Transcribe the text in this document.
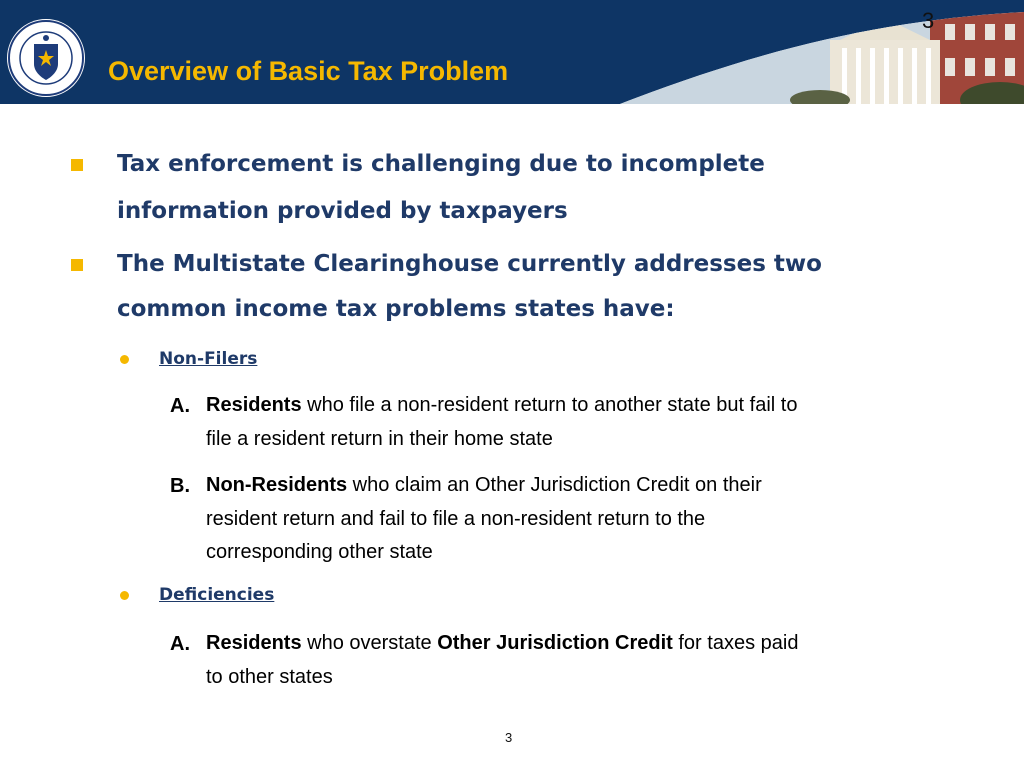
Overview of Basic Tax Problem
3
Tax enforcement is challenging due to incomplete
information provided by taxpayers
The Multistate Clearinghouse currently addresses two
common income tax problems states have:
Non-Filers
A. Residents who file a non-resident return to another state but fail to
file a resident return in their home state
B. Non-Residents who claim an Other Jurisdiction Credit on their
resident return and fail to file a non-resident return to the
corresponding other state
Deficiencies
A. Residents who overstate Other Jurisdiction Credit for taxes paid
to other states
3
